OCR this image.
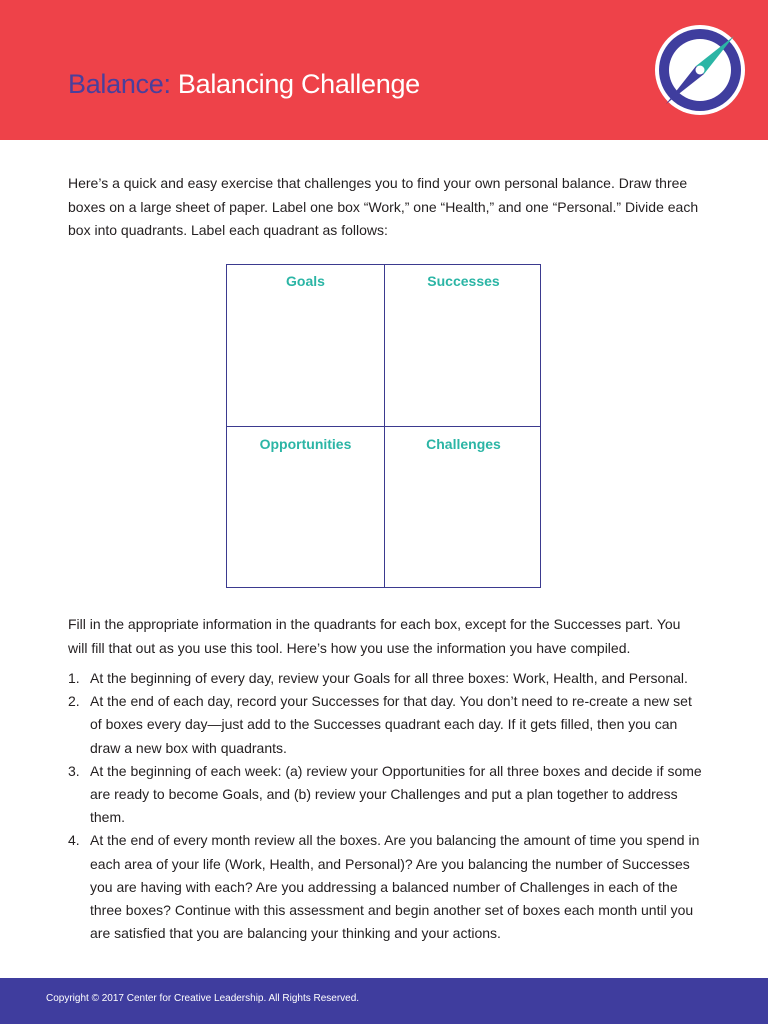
Balance: Balancing Challenge

Here’s a quick and easy exercise that challenges you to find your own personal balance. Draw three boxes on a large sheet of paper. Label one box “Work,” one “Health,” and one “Personal.” Divide each box into quadrants. Label each quadrant as follows:

Goals	Successes
Opportunities	Challenges

Fill in the appropriate information in the quadrants for each box, except for the Successes part. You will fill that out as you use this tool. Here’s how you use the information you have compiled.

1. At the beginning of every day, review your Goals for all three boxes: Work, Health, and Personal.
2. At the end of each day, record your Successes for that day. You don’t need to re-create a new set of boxes every day—just add to the Successes quadrant each day. If it gets filled, then you can draw a new box with quadrants.
3. At the beginning of each week: (a) review your Opportunities for all three boxes and decide if some are ready to become Goals, and (b) review your Challenges and put a plan together to address them.
4. At the end of every month review all the boxes. Are you balancing the amount of time you spend in each area of your life (Work, Health, and Personal)? Are you balancing the number of Successes you are having with each? Are you addressing a balanced number of Challenges in each of the three boxes? Continue with this assessment and begin another set of boxes each month until you are satisfied that you are balancing your thinking and your actions.
Copyright © 2017 Center for Creative Leadership. All Rights Reserved.
